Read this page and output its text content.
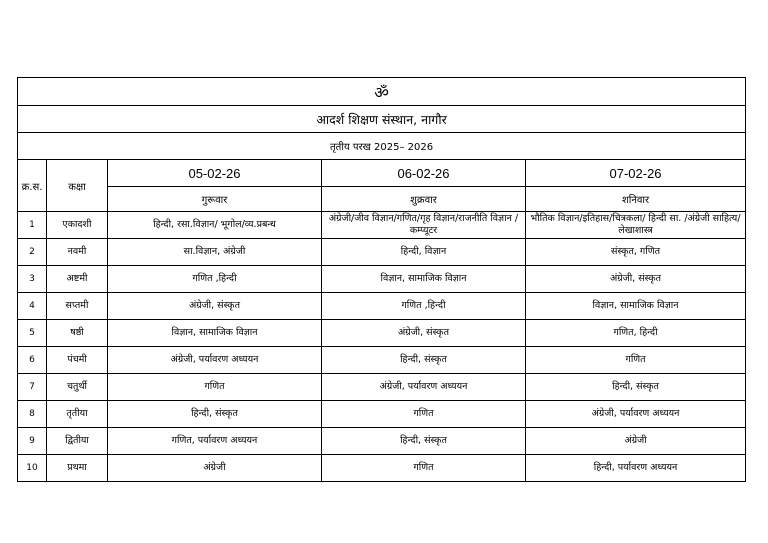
ॐ				
आदर्श शिक्षण संस्थान, नागौर				
तृतीय परख 2025– 2026				
क्र.स.	कक्षा	05-02-26	06-02-26	07-02-26
		गुरूवार	शुक्रवार	शनिवार
1	एकादशी	हिन्दी, रसा.विज्ञान/ भूगोल/व्य.प्रबन्ध	अंग्रेजी/जीव विज्ञान/गणित/गृह विज्ञान/राजनीति विज्ञान /कम्प्यूटर	भौतिक विज्ञान/इतिहास/चित्रकला/ हिन्दी सा. /अंग्रेजी साहित्य/लेखाशास्त्र
2	नवमी	सा.विज्ञान, अंग्रेजी	हिन्दी, विज्ञान	संस्कृत, गणित
3	अष्टमी	गणित ,हिन्दी	विज्ञान, सामाजिक विज्ञान	अंग्रेजी, संस्कृत
4	सप्तमी	अंग्रेजी, संस्कृत	गणित ,हिन्दी	विज्ञान, सामाजिक विज्ञान
5	षष्ठी	विज्ञान, सामाजिक विज्ञान	अंग्रेजी, संस्कृत	गणित, हिन्दी
6	पंचमी	अंग्रेजी, पर्यावरण अध्ययन	हिन्दी, संस्कृत	गणित
7	चतुर्थी	गणित	अंग्रेजी, पर्यावरण अध्ययन	हिन्दी, संस्कृत
8	तृतीया	हिन्दी, संस्कृत	गणित	अंग्रेजी, पर्यावरण अध्ययन
9	द्वितीया	गणित, पर्यावरण अध्ययन	हिन्दी, संस्कृत	अंग्रेजी
10	प्रथमा	अंग्रेजी	गणित	हिन्दी, पर्यावरण अध्ययन
